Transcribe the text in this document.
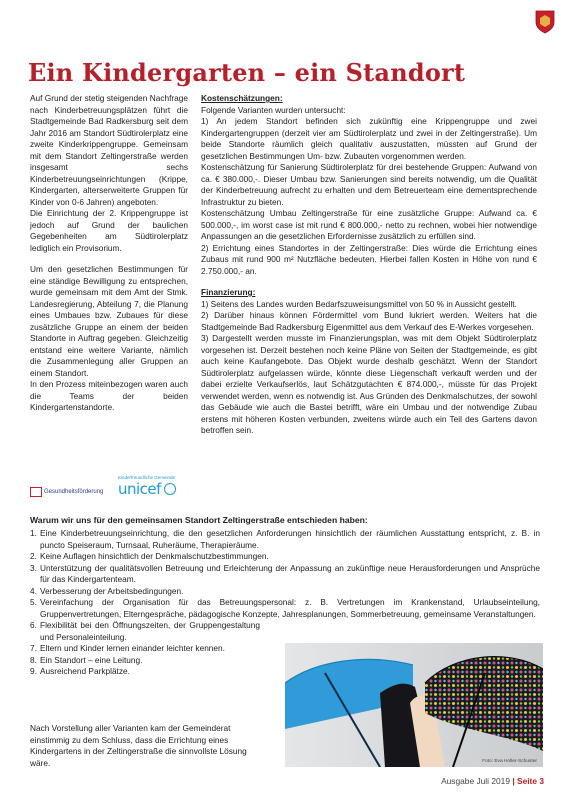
Ein Kindergarten – ein Standort

Auf Grund der stetig steigenden Nachfrage nach Kinderbetreuungsplätzen führt die Stadtgemeinde Bad Radkersburg seit dem Jahr 2016 am Standort Südtirolerplatz eine zweite Kinderkrippengruppe. Gemeinsam mit dem Standort Zeltingerstraße werden insgesamt sechs Kinderbetreuungseinrichtungen (Krippe, Kindergarten, alterserweiterte Gruppen für Kinder von 0-6 Jahren) angeboten.
Die Einrichtung der 2. Krippengruppe ist jedoch auf Grund der baulichen Gegebenheiten am Südtirolerplatz lediglich ein Provisorium.

Um den gesetzlichen Bestimmungen für eine ständige Bewilligung zu entsprechen, wurde gemeinsam mit dem Amt der Stmk. Landesregierung, Abteilung 7, die Planung eines Umbaues bzw. Zubaues für diese zusätzliche Gruppe an einem der beiden Standorte in Auftrag gegeben. Gleichzeitig entstand eine weitere Variante, nämlich die Zusammenlegung aller Gruppen an einem Standort.
In den Prozess miteinbezogen waren auch die Teams der beiden Kindergartenstandorte.

Gesundheitsförderung
Kinderfreundliche Gemeinde
unicef

Kostenschätzungen:

Folgende Varianten wurden untersucht:

1) An jedem Standort befinden sich zukünftig eine Krippengruppe und zwei Kindergartengruppen (derzeit vier am Südtirolerplatz und zwei in der Zeltingerstraße). Um beide Standorte räumlich gleich qualitativ auszustatten, müssten auf Grund der gesetzlichen Bestimmungen Um- bzw. Zubauten vorgenommen werden.

Kostenschätzung für Sanierung Südtirolerplatz für drei bestehende Gruppen: Aufwand von ca. € 380.000,-. Dieser Umbau bzw. Sanierungen sind bereits notwendig, um die Qualität der Kinderbetreuung aufrecht zu erhalten und dem Betreuerteam eine dementsprechende Infrastruktur zu bieten.

Kostenschätzung Umbau Zeltingerstraße für eine zusätzliche Gruppe: Aufwand ca. € 500.000,-, im worst case ist mit rund € 800.000,- netto zu rechnen, wobei hier notwendige Anpassungen an die gesetzlichen Erfordernisse zusätzlich zu erfüllen sind.

2) Errichtung eines Standortes in der Zeltingerstraße: Dies würde die Errichtung eines Zubaus mit rund 900 m² Nutzfläche bedeuten. Hierbei fallen Kosten in Höhe von rund € 2.750.000,- an.

Finanzierung:

1) Seitens des Landes wurden Bedarfszuweisungsmittel von 50 % in Aussicht gestellt.

2) Darüber hinaus können Fördermittel vom Bund lukriert werden. Weiters hat die Stadtgemeinde Bad Radkersburg Eigenmittel aus dem Verkauf des E-Werkes vorgesehen.

3) Dargestellt werden musste im Finanzierungsplan, was mit dem Objekt Südtirolerplatz vorgesehen ist. Derzeit bestehen noch keine Pläne von Seiten der Stadtgemeinde, es gibt auch keine Kaufangebote. Das Objekt wurde deshalb geschätzt. Wenn der Standort Südtirolerplatz aufgelassen würde, könnte diese Liegenschaft verkauft werden und der dabei erzielte Verkaufserlös, laut Schätzgutachten € 874.000,-, müsste für das Projekt verwendet werden, wenn es notwendig ist. Aus Gründen des Denkmalschutzes, der sowohl das Gebäude wie auch die Bastei betrifft, wäre ein Umbau und der notwendige Zubau erstens mit höheren Kosten verbunden, zweitens würde auch ein Teil des Gartens davon betroffen sein.

Warum wir uns für den gemeinsamen Standort Zeltingerstraße entschieden haben:
1. Eine Kinderbetreuungseinrichtung, die den gesetzlichen Anforderungen hinsichtlich der räumlichen Ausstattung entspricht, z. B. in puncto Speiseraum, Turnsaal, Ruheräume, Therapieräume.
2. Keine Auflagen hinsichtlich der Denkmalschutzbestimmungen.
3. Unterstützung der qualitätsvollen Betreuung und Erleichterung der Anpassung an zukünftige neue Herausforderungen und Ansprüche für das Kindergartenteam.
4. Verbesserung der Arbeitsbedingungen.
5. Vereinfachung der Organisation für das Betreuungspersonal: z. B. Vertretungen im Krankenstand, Urlaubseinteilung, Gruppenvertretungen, Elterngespräche, pädagogische Konzepte, Jahresplanungen, Sommerbetreuung, gemeinsame Veranstaltungen.
6. Flexibilität bei den Öffnungszeiten, der Gruppengestaltung und Personaleinteilung.
7. Eltern und Kinder lernen einander leichter kennen.
8. Ein Standort – eine Leitung.
9. Ausreichend Parkplätze.
Nach Vorstellung aller Varianten kam der Gemeinderat einstimmig zu dem Schluss, dass die Errichtung eines Kindergartens in der Zeltingerstraße die sinnvollste Lösung wäre.	Foto: Eva Holler-Schuster
Ausgabe Juli 2019 | Seite 3
